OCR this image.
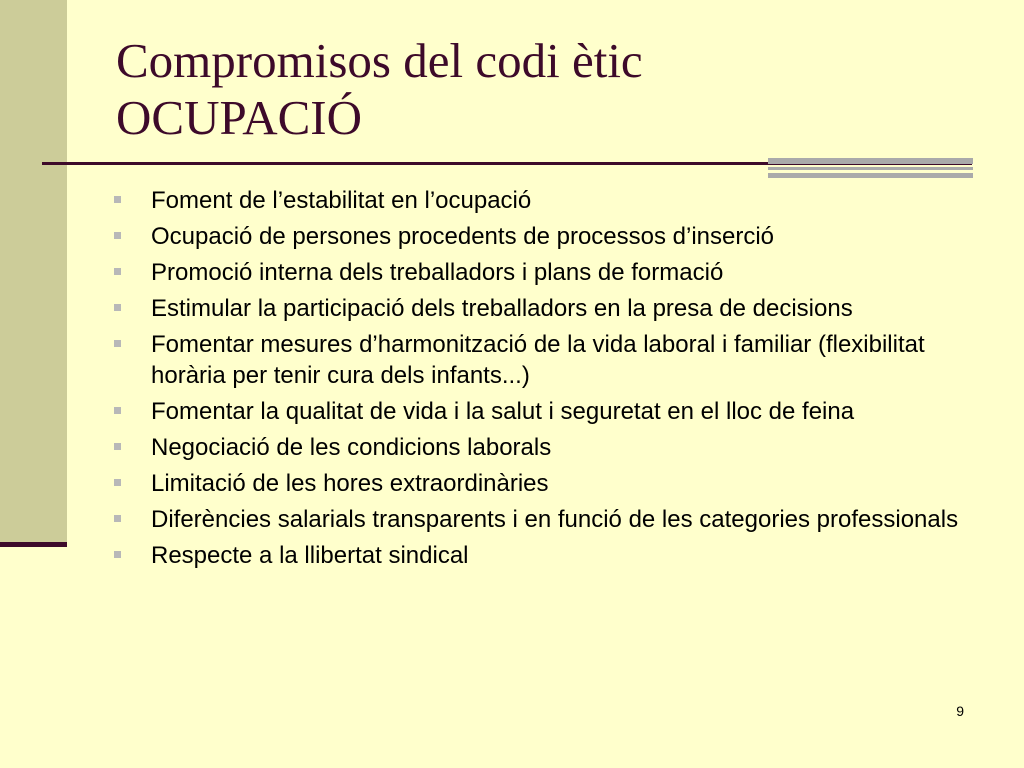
Compromisos del codi ètic
OCUPACIÓ
Foment de l’estabilitat en l’ocupació
Ocupació de persones procedents de processos d’inserció
Promoció interna dels treballadors i plans de formació
Estimular la participació dels treballadors en la presa de decisions
Fomentar mesures d’harmonització de la vida laboral i familiar (flexibilitat horària per tenir cura dels infants...)
Fomentar la qualitat de vida i la salut i seguretat en el lloc de feina
Negociació de les condicions laborals
Limitació de les hores extraordinàries
Diferències salarials transparents i en funció de les categories professionals
Respecte a la llibertat sindical
9
